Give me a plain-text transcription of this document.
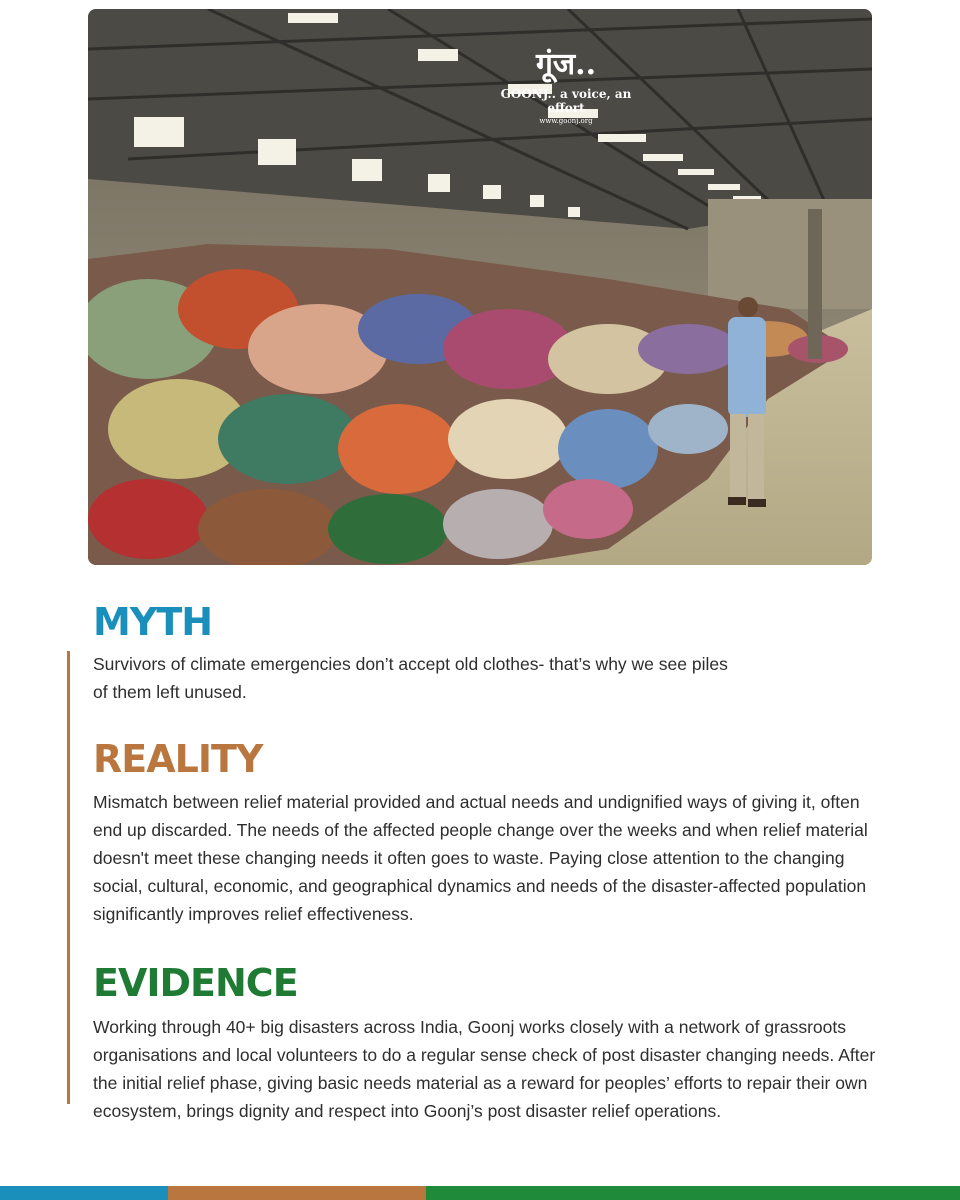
गूंज..
GOONJ.. a voice, an effort
www.goonj.org
MYTH

Survivors of climate emergencies don’t accept old clothes- that’s why we see piles of them left unused.

REALITY

Mismatch between relief material provided and actual needs and undignified ways of giving it, often end up discarded. The needs of the affected people change over the weeks and when relief material doesn't meet these changing needs it often goes to waste. Paying close attention to the changing social, cultural, economic, and geographical dynamics and needs of the disaster-affected population significantly improves relief effectiveness.

EVIDENCE

Working through 40+ big disasters across India, Goonj works closely with a network of grassroots organisations and local volunteers to do a regular sense check of post disaster changing needs. After the initial relief phase, giving basic needs material as a reward for peoples’ efforts to repair their own ecosystem, brings dignity and respect into Goonj’s post disaster relief operations.
